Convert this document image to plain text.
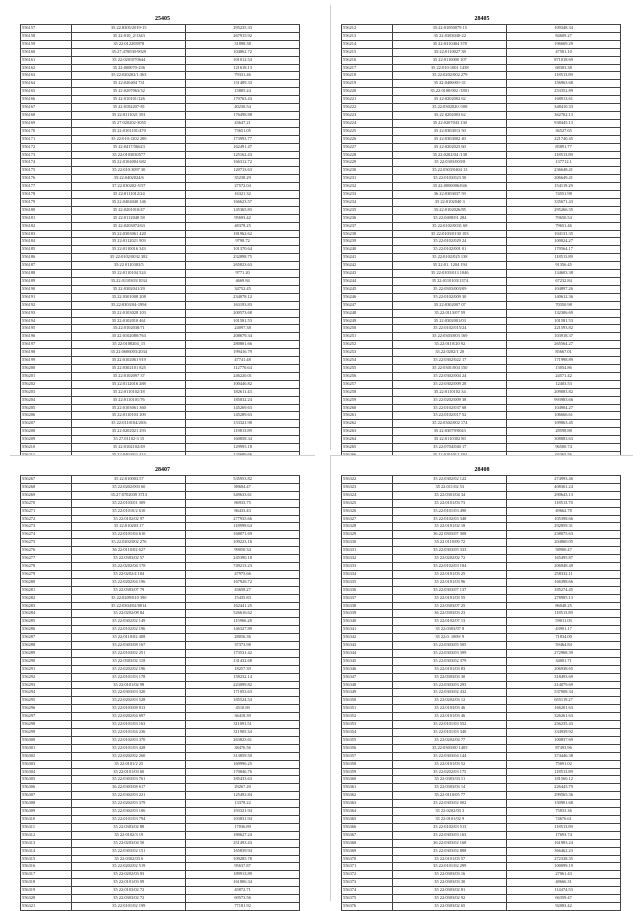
25405
556157	35.22.8305/2019-15	295235.33
556158	35 22:010_2/1343	267915.92
556159	35 22:012203978	31898.38
556160	35:27:470030-9029	104862.72
556161	35 22:0201070644	101012.54
556162	35 22:000070-236	121618.13
556163	35 22:020202/1:363	79331.46
556164	35 22:020404 731	151489.33
556165	35 22:0207063/32	15885.24
556166	35 22:010101/126	170763.43
556167	35 22:0102207-81	40230.54
556168	35 22:0111021 591	176498.88
556169	35 27 020202-3055	43647.21
556170	35 22:0101101/470	73651.05
556171	35 22:010:1202 200	173993.77
556172	35 22:0417/56623	162491.47
556173	35 22:0103030577	125162.43
556174	35 22:0104004 682	166312.72
556175	35 22:010:3097 30	120713.63
556176	35:22:0402024/6	35238.29
556177	37.22.030202-5/57	27572.04
556178	35 22:0111012/24	16321.32
556179	35 22:0404040 146	166623.57
556180	35 22:0201010/47	145365.83
556181	35 22:0112040 58	95693.42
556182	35 22:0203072/63	48378.25
556183	35 22:0303061 420	181962.62
556184	35 22:0112021 903	9798.72
556185	35 22:0110016 343	101370.64
556186	35 22:0102/0032 382	232898.75
556187	35:22 0110303/5	265823.63
556188	35 22:0110104 524	9771.20
556189	35.22.0110303/1034	4669.84
556190	35 22:0302041/29	34752.45
556191	35.22.0301008 208	234078.12
556192	35.22:0303/04-1994	163193.83
556193	35 22:0103028 103	200573.68
556194	35 22:0102010 461	101581.53
556195	35:22:0102030/71	24097.38
556196	35 22:0102080/763	208679.34
556197	35 22:0108204_15	280801.66
556198	35 22:0606003/2034	199416.79
556199	35 22:0102061 919	47741.48
556200	35 22:0302101 825	112770.64
556201	35 22:0102097 37	246220.01
556202	35 22:0112016 288	100446.82
556203	35 22:0110102/18	182611.43
556204	35 22:0110101/76	185032.24
556205	35 22:0103061 360	145269.63
556206	35 22:0110103 109	145289.63
556207	35 22:0110104/20/6	153321.98
556208	35 22:0202021 293	119813.89
556209	35 27.01102-3 15	160858.34
556210	35 22:0102102/49	129995.18

28405
556212	35:22:01050079 15	109348.34
556213	35 22:0303040-22	84609.27
556214	35 22:0310404 378	196609.29
556215	35:22:0110027 38	47581.10
556216	35 22:0110000 107	871018.69
556217	35 22:010:1001 1438	68303.38
556218	35 22:0202/002 279	118513.89
556219	35 22:0406001-31	156963.68
556220	35.22:0100/002 /1801	253352.89
556221	35 22:0202002 62	168913.61
556222	35.22:0302020 /108	348410.33
556223	35.22 0202003 62	362702.13
556224	35 22:0207043 130	938445.13
556225	35 22:0303013 50	36527.65
556226	35 22:0303002 40	221740.45
556227	35 22:0202023 60	85891.77
556228	35 22:0202/04 /138	118513.89
556229	35 22:0303/003/8	137712.1
556230	35.22.0303/0404 13	236648.41
556231	35 22:0103/023 50	206649.41
556232	35 22:0000006/046	154119.29
556233	36 22:0303037 59	74551.98
556234	35 22:0102040 3	335671.43
556235	35:22:0102026/85	295266.35
556236	35 22:0408/01 284	70650.54
556237	35 22:0102/0031 68	79651.46
556238	35 22:0103/0130 103	104131.35
556239	35 22:0102/029 24	100024.27
556240	35 22:0102/001 01	170564.17
556241	35 22:0102/025 138	118513.89
556242	35 22:01. 1204 194	91356.45
556243	35 22:0103/013 1046	134603.38
556244	35 22:0110103/1374	67232.84
556245	35 22:0303/003/09	104897.26
556246	35 22:0102/009 30	140612.36
556247	35 22:0302007 07	70350.98
556248	35.22:0113/07 59	132306.69
556249	35 22:0302001/03	101581.53
556250	35 22:0102/015/24	221593.82
556251	35 22:0303/003 169	103918.37
556252	35.22:0110/20 92	265564.27
556253	35.22:0202/1 20	85667.01
556254	35 22:0302/022 17	171998.89
556255	35 22:0301/004 150	13054.86
556256	35 22:0302/004 24	24571.42
556257	35 22:0302/009 28	12403.53
556258	35.22:0110102 34	209083.82
556259	35 22:0202/009 38	993983.66
556260	35 22:0102/037 68	104904.27
556261	35 22:0102/017 52	106666.61
556262	35 22:0302/002 174	109863.45
556263	35 22:03079/0043	28598.88
556264	35 22:0110302 80	308883.63
556265	35 22:0704/040 17	96500.74

28407
556267	35 22:010003.57	535953.82
556268	35 22:0202/003 60	88604.47
556269	35:27:0702039 3713	349633.61
556270	35 22:0103/01 309	86933.75
556271	35 22:01010/2 610	86433.43
556272	35 22:0102/02 97	277935.66
556273	35 22:010203 17	118999.64
556274	35 22:0101/04 610	168071.69
556275	35.22.0202/002 276	109223.16
556276	36 22:0110/02 627	99050.34
556277	35 22:0303/02 57	245390.18
556278	35:22:0202/04 178	749213.23
556279	35 22:0202/4 104	47975.66
556280	35 22:0202/04 196	167926.72
556281	35 22:0303/07 79	43658.27
556282	35 22:0209/010 390	15435.83
556283	35 22:0304/02/0014	162441.25
556284	35 22:0202/08 84	526616.62
556285	35 22:0302/02 149	115966.28
556286	35 22:0102/02 196	146327.89
556287	35 22:0110/02 408	28056.36
556288	35.22:0303/08 167	37373.98
556289	35 22:0103/02 251	173531.42
556290	35 22:0303/02 118	131432.68
556291	35 22:0202/02 196	18257.39
556292	35 22:0101/03 178	158232.14
556293	35 22:0101/02 98	223099.82
556294	35 22:0303/03 320	171053.63
556295	35.22:0202/03 528	185524.54
556296	35 22:0103/08 913	4510.69
556297	35 22:0202/04 697	36418.39
556298	35 22:0101/03 163	311091.51
556299	35 22:0101/04 236	311905.34
556300	35 22:0102/03 370	263823.61
556301	35 22:0101/03 428	38476.56
556302	35 22:0202/02 260	313859.50
556303	35 22:0101/2 25	169996.25
556304	35 22:0101/03 60	170846.76
556305	35 22:0303/03 761	185433.63
556306	36 22:0303/08 617	29267.20
556307	35 22:0302/03 221	125492.84
556308	35 22:0202/03 379	13378.22
556309	35 22:0302/03 106	193321.94
556310	35 22:0101/03 794	103831.94
556311	35 22:0303/02 88	17036.89
556312	35 22:0102/3 19	180627.24
556313	35 22:0203/04 50	251493.43
556314	35 22:0303/02 151	165839.94
556315	35 22:0302/03 6	109285.78
556316	35 22:0202/02 519	95637.87
556317	35 22:0202/03 83	189913.89
556318	35 22:0101/03 09	161806.34
556319	35 22:0103/02 72	45872.71
556320	35 22:0303/02 72	69573.56
556321	35 22:0101/02 199	77181.92
28408
556322	35 22:0302/02 122	274993.46
556323	35 22:011/02 53	408361.24
556324	35 22:0301/04 34	290643.13
556325	35 22:0101/03 73	118513.70
556326	35.22:0101/03 490	49662.78
556327	35 22:0102/03 348	105398.66
556328	35 22:0101/02 18	292859.31
556329	36.22 0303/07 308	238075.63
556330	35.22 0110/09 72	204860.05
556331	35 22:0303/05 333	58900.47
556332	35 22:0202/02 72	165495.87
556333	35 22:0102/03 184	206948.49
556334	35 22:0101/03 25	258332.11
556335	35 22:0101/03 96	166398.66
556336	35 22:0303/07 137	185274.45
556337	35 22:0101/03 55	278985.13
556338	35 22:0303/07 25	86048.25
556339	36 22:0303/03 23	118513.89
556340	35 22:0102/07 13	59011.03
556341	35 22:0303/07 8	43901.17
556342	35 22:0. 1009/ 9	71834.00
556343	35 22:0303/05 505	59464.84
556344	35 22:0303/03 399	272968.39
556345	35 22:0303/02 379	34001.71
556346	35.22:0101/03 83	206938.65
556347	35 22:0303/03 30	318493.69
556348	35 22:0303/03 293	214079.69
556349	35 22:0303/02 432	537008.34
556350	35 22:0202/03 12	655119.27
556351	35 22:0103/03 46	166201.63
556352	35 22:0101/03 46	326261.63
556353	35 22:0101/03 552	256235.43
556354	35 22:0101/03 340	334939.92
556355	35 22:0202/04 77	100837.69
556356	35.22:0303/00 1405	87493.96
556357	35 22:0303/04 144	374446.38
556358	35 22:0101/03 52	75691.02
556359	35 22:0202/03 175	118513.89
556360	35 22:0303/03 11	181560.12
556361	35 22:0303/03 14	226443.79
556362	35.22:0110/05 77	299565.36
556363	35 22:0303/02 002	150901.68
556364	35 22:0202/03 3	75833.36
556365	35 22:0101/02 9	74676.61
556366	35 22:0102/03 513	118513.89
556367	35 22:0303/03 163	17693.74
556368	36 22:0303/02 168	161983.24
556369	35 22:0303/02 888	366462.23
556370	35 22:0101/03 57	272338.35
556371	35 22:0101/02 299	100099.19
556372	35 22:0303/03 16	27061.43
556373	35 22:0303/03 30	48666.31
556374	35 22:0303/02 81	114474.53
556375	35 22:0303/02 92	66359.47
556376	35 22:0303/02 65	92083.42
